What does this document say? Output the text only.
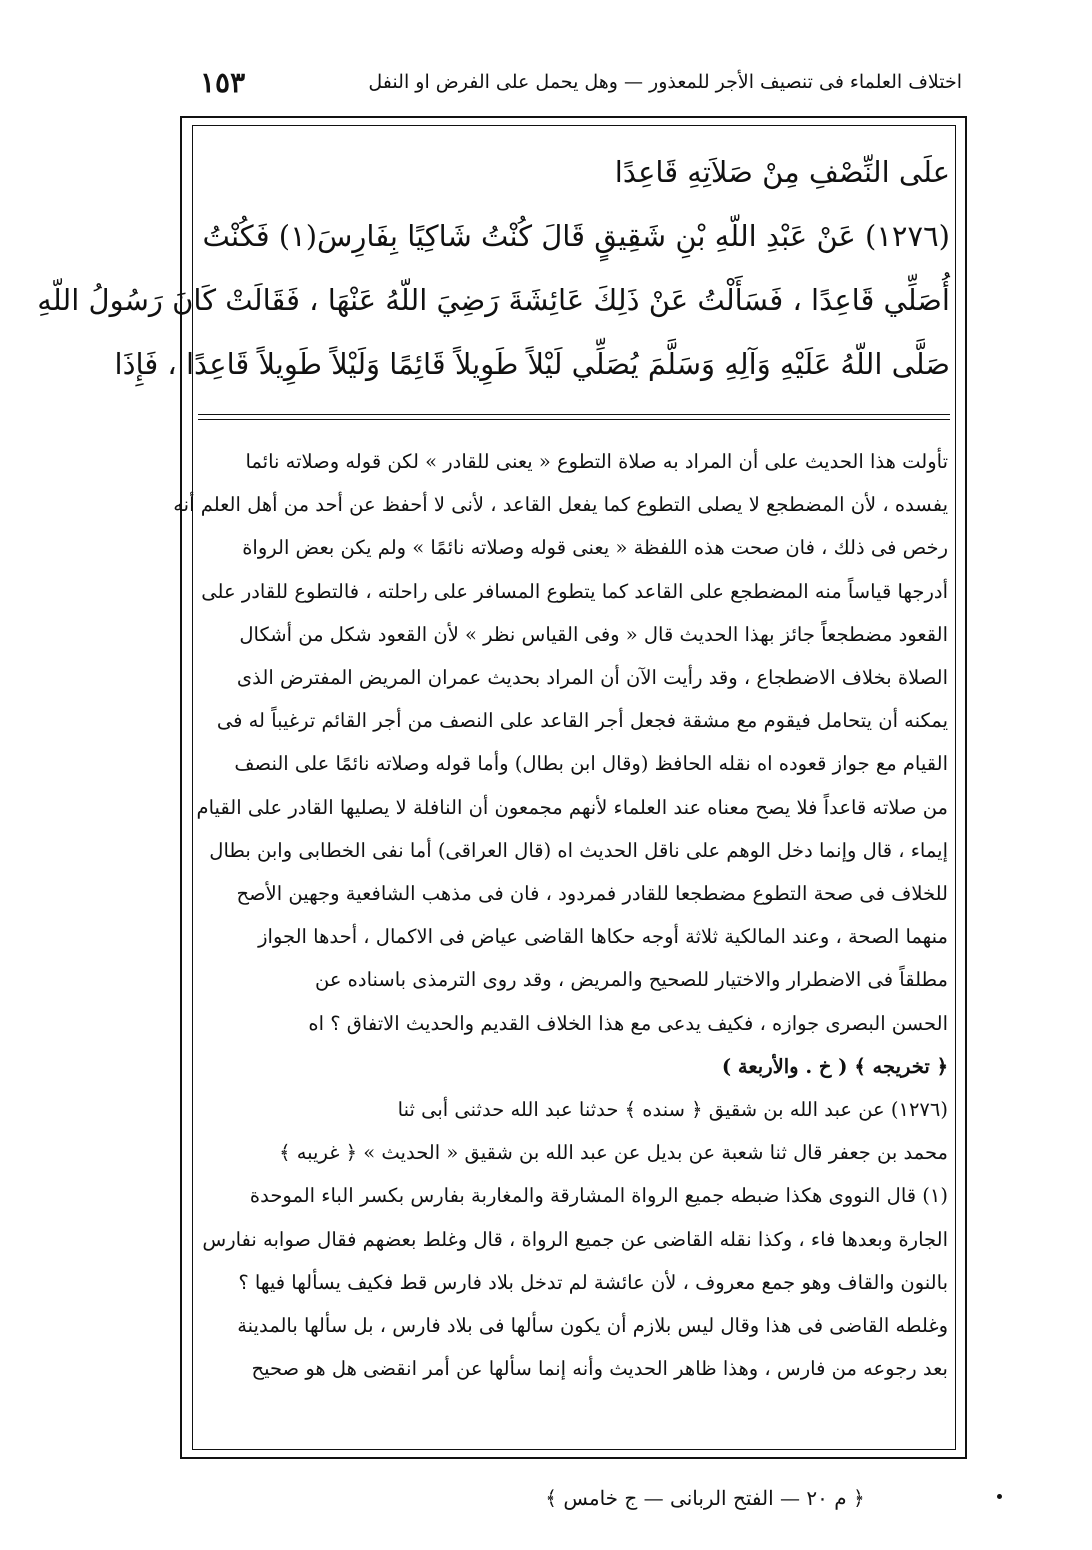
اختلاف العلماء فى تنصيف الأجر للمعذور — وهل يحمل على الفرض او النفل
١٥٣

علَى النِّصْفِ مِنْ صَلاَتِهِ قَاعِدًا

(١٢٧٦) عَنْ عَبْدِ اللّهِ بْنِ شَقِيقٍ قَالَ كُنْتُ شَاكِيًا بِفَارِسَ(١) فَكُنْتُ

أُصَلِّي قَاعِدًا ، فَسَأَلْتُ عَنْ ذَلِكَ عَائِشَةَ رَضِيَ اللّهُ عَنْهَا ، فَقَالَتْ كَانَ رَسُولُ اللّهِ

صَلَّى اللّهُ عَلَيْهِ وَآلِهِ وَسَلَّمَ يُصَلِّي لَيْلاً طَوِيلاً قَائِمًا وَلَيْلاً طَوِيلاً قَاعِدًا ، فَإِذَا

تأولت هذا الحديث على أن المراد به صلاة التطوع « يعنى للقادر » لكن قوله وصلاته نائما

يفسده ، لأن المضطجع لا يصلى التطوع كما يفعل القاعد ، لأنى لا أحفظ عن أحد من أهل العلم أنه

رخص فى ذلك ، فان صحت هذه اللفظة « يعنى قوله وصلاته نائمًا » ولم يكن بعض الرواة

أدرجها قياساً منه المضطجع على القاعد كما يتطوع المسافر على راحلته ، فالتطوع للقادر على

القعود مضطجعاً جائز بهذا الحديث قال « وفى القياس نظر » لأن القعود شكل من أشكال

الصلاة بخلاف الاضطجاع ، وقد رأيت الآن أن المراد بحديث عمران المريض المفترض الذى

يمكنه أن يتحامل فيقوم مع مشقة فجعل أجر القاعد على النصف من أجر القائم ترغيباً له فى

القيام مع جواز قعوده اه نقله الحافظ (وقال ابن بطال) وأما قوله وصلاته نائمًا على النصف

من صلاته قاعداً فلا يصح معناه عند العلماء لأنهم مجمعون أن النافلة لا يصليها القادر على القيام

إيماء ، قال وإنما دخل الوهم على ناقل الحديث اه (قال العراقى) أما نفى الخطابى وابن بطال

للخلاف فى صحة التطوع مضطجعا للقادر فمردود ، فان فى مذهب الشافعية وجهين الأصح

منهما الصحة ، وعند المالكية ثلاثة أوجه حكاها القاضى عياض فى الاكمال ، أحدها الجواز

مطلقاً فى الاضطرار والاختيار للصحيح والمريض ، وقد روى الترمذى باسناده عن

الحسن البصرى جوازه ، فكيف يدعى مع هذا الخلاف القديم والحديث الاتفاق ؟ اه

﴿ تخريجه ﴾ ( خ . والأربعة )

(١٢٧٦) عن عبد الله بن شقيق ﴿ سنده ﴾ حدثنا عبد الله حدثنى أبى ثنا

محمد بن جعفر قال ثنا شعبة عن بديل عن عبد الله بن شقيق « الحديث » ﴿ غريبه ﴾

(١) قال النووى هكذا ضبطه جميع الرواة المشارقة والمغاربة بفارس بكسر الباء الموحدة

الجارة وبعدها فاء ، وكذا نقله القاضى عن جميع الرواة ، قال وغلط بعضهم فقال صوابه نفارس

بالنون والقاف وهو جمع معروف ، لأن عائشة لم تدخل بلاد فارس قط فكيف يسألها فيها ؟

وغلطه القاضى فى هذا وقال ليس بلازم أن يكون سألها فى بلاد فارس ، بل سألها بالمدينة

بعد رجوعه من فارس ، وهذا ظاهر الحديث وأنه إنما سألها عن أمر انقضى هل هو صحيح

﴿ م ٢٠ — الفتح الربانى — ج خامس ﴾
